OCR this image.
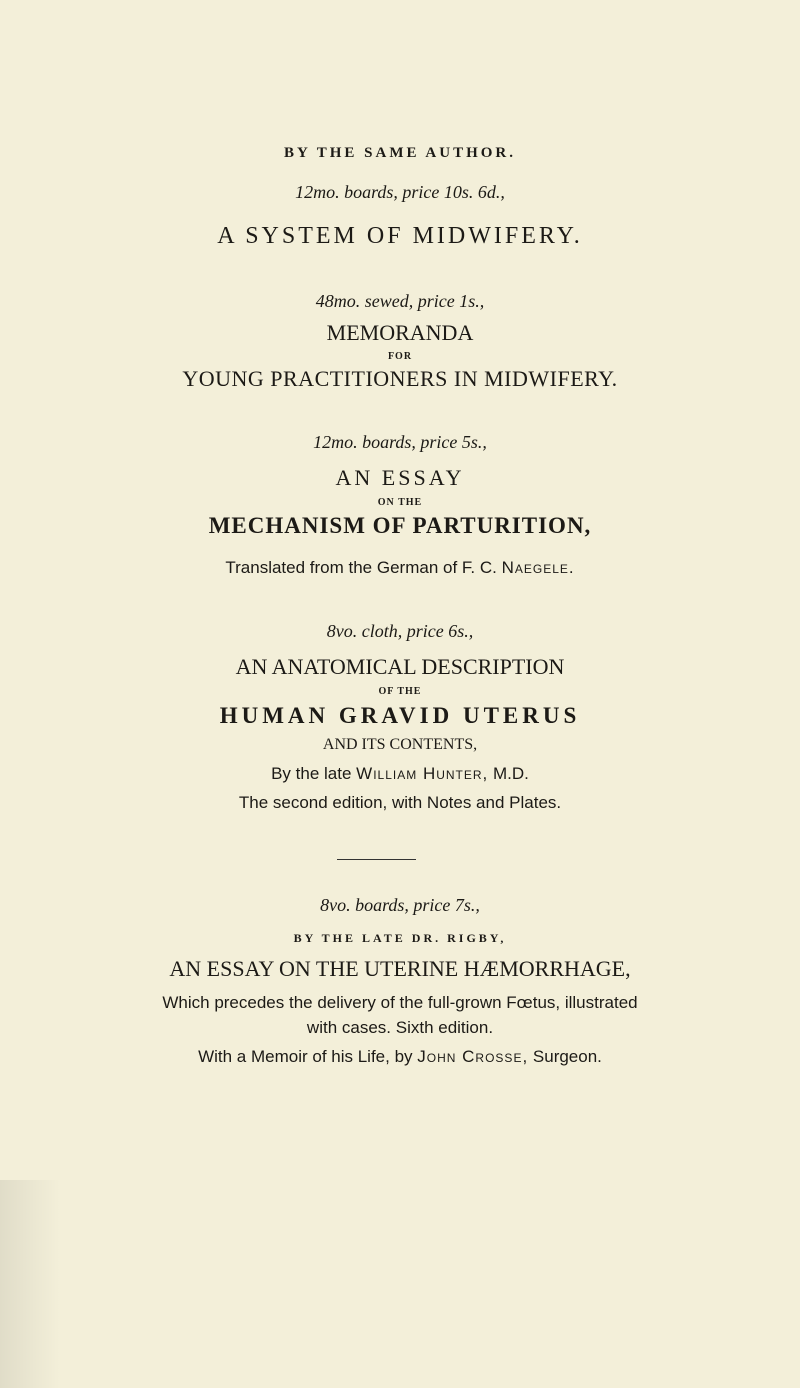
BY THE SAME AUTHOR.
12mo. boards, price 10s. 6d.,
A SYSTEM OF MIDWIFERY.
48mo. sewed, price 1s.,
MEMORANDA
FOR
YOUNG PRACTITIONERS IN MIDWIFERY.
12mo. boards, price 5s.,
AN ESSAY
ON THE
MECHANISM OF PARTURITION,
Translated from the German of F. C. Naegele.
8vo. cloth, price 6s.,
AN ANATOMICAL DESCRIPTION
OF THE
HUMAN GRAVID UTERUS
AND ITS CONTENTS,
By the late William Hunter, M.D.
The second edition, with Notes and Plates.
8vo. boards, price 7s.,
BY THE LATE DR. RIGBY,
AN ESSAY ON THE UTERINE HÆMORRHAGE,
Which precedes the delivery of the full-grown Fœtus, illustrated
with cases. Sixth edition.
With a Memoir of his Life, by John Crosse, Surgeon.
